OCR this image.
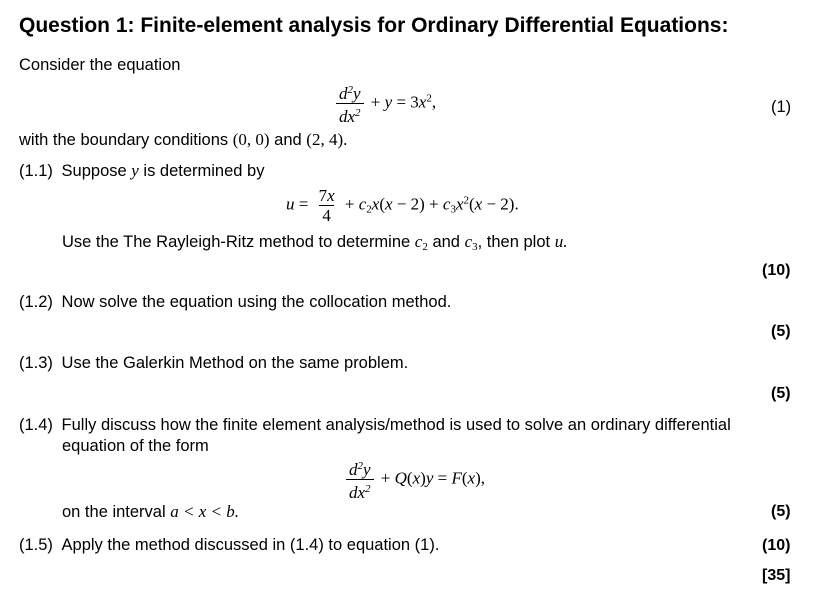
Question 1: Finite-element analysis for Ordinary Differential Equations:
Consider the equation
$\frac{d^2y}{dx^2} + y = 3x^2$,	(1)
with the boundary conditions (0, 0) and (2, 4).
(1.1) Suppose y is determined by
$u = \frac{7x}{4} + c_2x(x - 2) + c_3x^2(x - 2)$.
Use the The Rayleigh-Ritz method to determine $c_2$ and $c_3$, then plot u.
(10)
(1.2) Now solve the equation using the collocation method.
(5)
(1.3) Use the Galerkin Method on the same problem.
(5)
(1.4) Fully discuss how the finite element analysis/method is used to solve an ordinary differential
equation of the form
$\frac{d^2y}{dx^2} + Q(x)y = F(x)$,
on the interval a < x < b.	(5)
(1.5) Apply the method discussed in (1.4) to equation (1).	(10)
[35]
